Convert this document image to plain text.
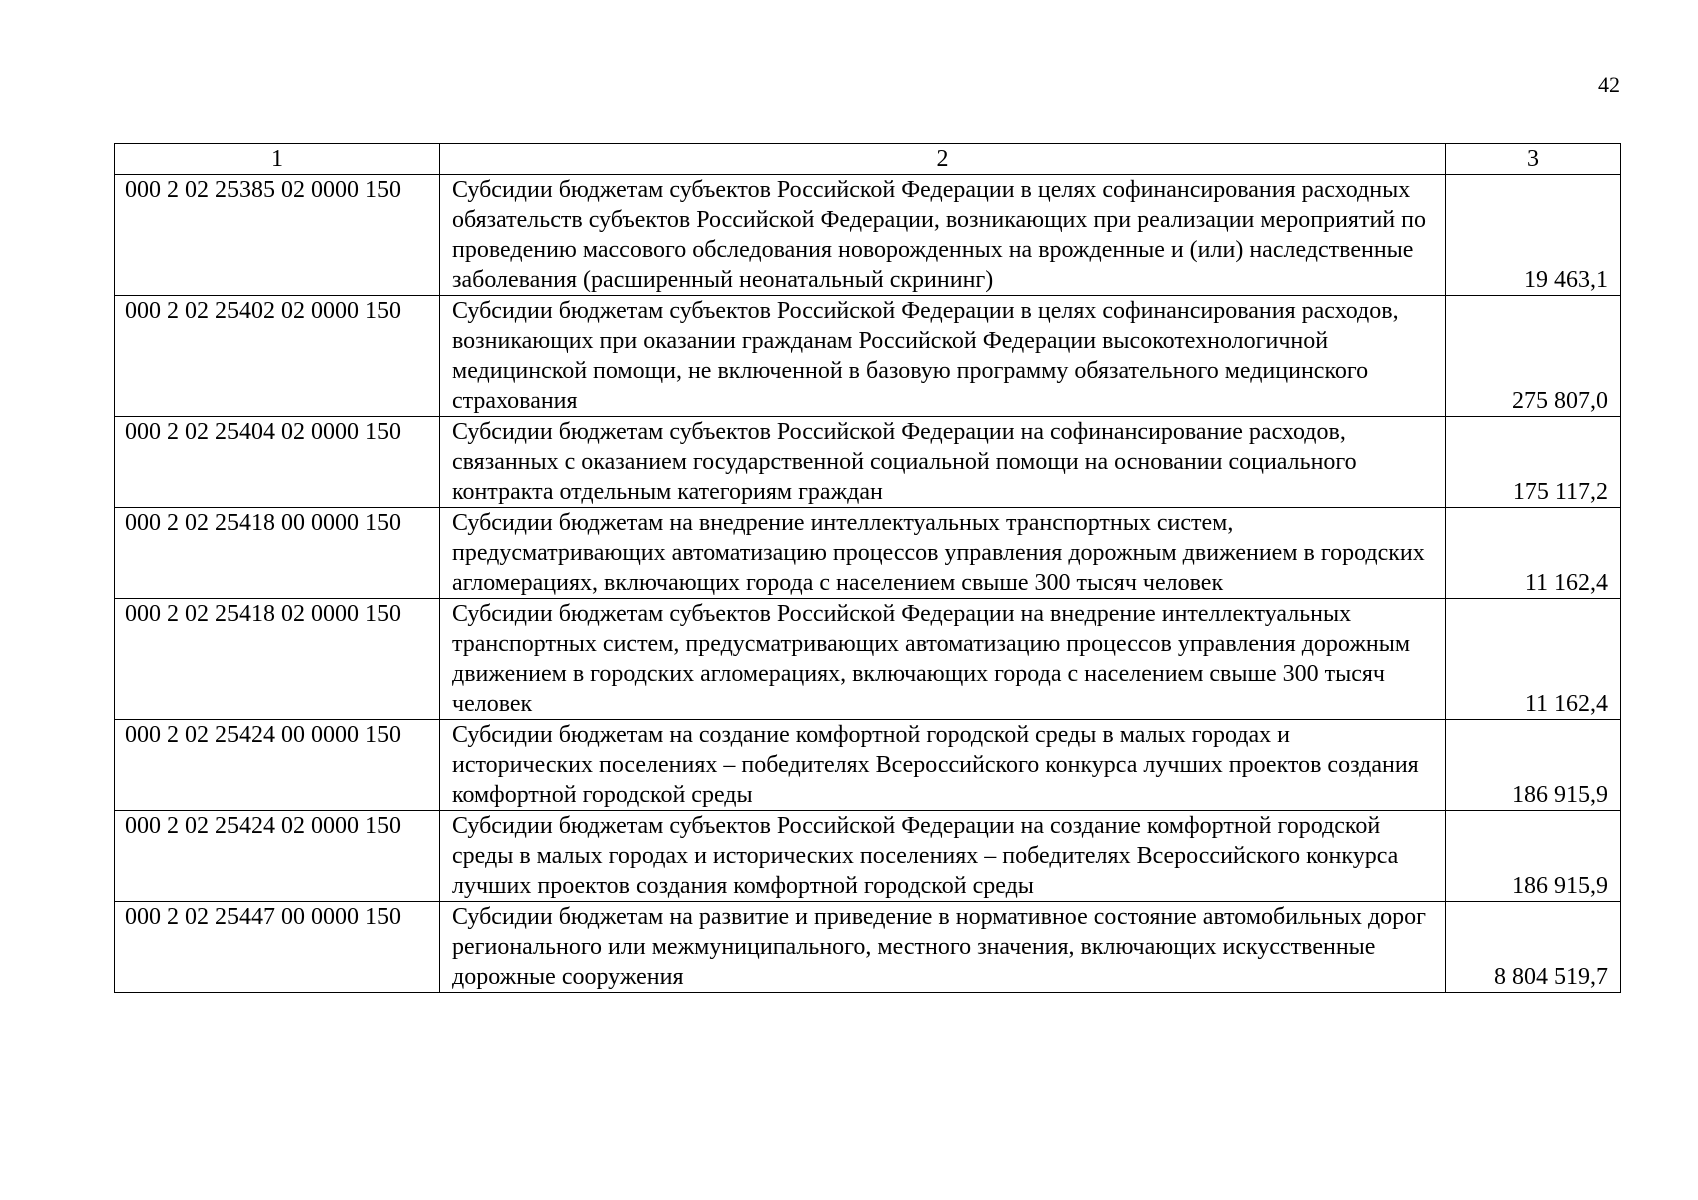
42
1	2	3
000 2 02 25385 02 0000 150	Субсидии бюджетам субъектов Российской Федерации в целях софинансирования расходных обязательств субъектов Российской Федерации, возникающих при реализации мероприятий по проведению массового обследования новорожденных на врожденные и (или) наследственные заболевания (расширенный неонатальный скрининг)	19 463,1
000 2 02 25402 02 0000 150	Субсидии бюджетам субъектов Российской Федерации в целях софинансирования расходов, возникающих при оказании гражданам Российской Федерации высокотехнологичной медицинской помощи, не включенной в базовую программу обязательного медицинского страхования	275 807,0
000 2 02 25404 02 0000 150	Субсидии бюджетам субъектов Российской Федерации на софинансирование расходов, связанных с оказанием государственной социальной помощи на основании социального контракта отдельным категориям граждан	175 117,2
000 2 02 25418 00 0000 150	Субсидии бюджетам на внедрение интеллектуальных транспортных систем, предусматривающих автоматизацию процессов управления дорожным движением в городских агломерациях, включающих города с населением свыше 300 тысяч человек	11 162,4
000 2 02 25418 02 0000 150	Субсидии бюджетам субъектов Российской Федерации на внедрение интеллектуальных транспортных систем, предусматривающих автоматизацию процессов управления дорожным движением в городских агломерациях, включающих города с населением свыше 300 тысяч человек	11 162,4
000 2 02 25424 00 0000 150	Субсидии бюджетам на создание комфортной городской среды в малых городах и исторических поселениях – победителях Всероссийского конкурса лучших проектов создания комфортной городской среды	186 915,9
000 2 02 25424 02 0000 150	Субсидии бюджетам субъектов Российской Федерации на создание комфортной городской среды в малых городах и исторических поселениях – победителях Всероссийского конкурса лучших проектов создания комфортной городской среды	186 915,9
000 2 02 25447 00 0000 150	Субсидии бюджетам на развитие и приведение в нормативное состояние автомобильных дорог регионального или межмуниципального, местного значения, включающих искусственные дорожные сооружения	8 804 519,7
